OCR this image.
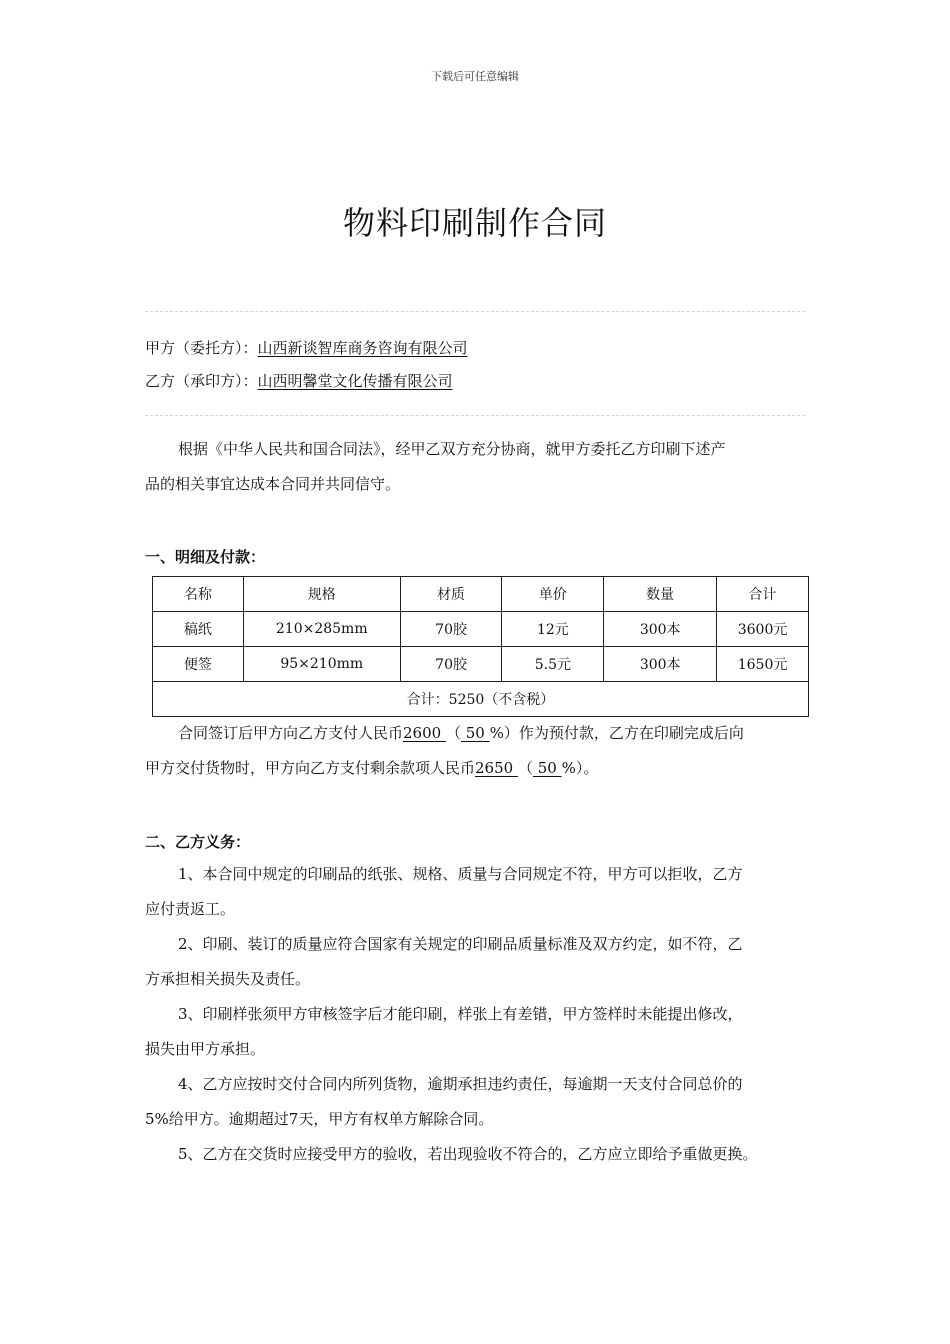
下载后可任意编辑
物料印刷制作合同
甲方（委托方）：山西新谈智库商务咨询有限公司
乙方（承印方）：山西明馨堂文化传播有限公司
根据《中华人民共和国合同法》，经甲乙双方充分协商，就甲方委托乙方印刷下述产
品的相关事宜达成本合同并共同信守。
一、明细及付款：
名称	规格	材质	单价	数量	合计
稿纸	210×285mm	70胶	12元	300本	3600元
便签	95×210mm	70胶	5.5元	300本	1650元
合计：5250（不含税）					
合同签订后甲方向乙方支付人民币2600 （ 50 %）作为预付款，乙方在印刷完成后向
甲方交付货物时，甲方向乙方支付剩余款项人民币2650 （ 50 %）。
二、乙方义务：
1、本合同中规定的印刷品的纸张、规格、质量与合同规定不符，甲方可以拒收，乙方
应付责返工。
2、印刷、装订的质量应符合国家有关规定的印刷品质量标准及双方约定，如不符，乙
方承担相关损失及责任。
3、印刷样张须甲方审核签字后才能印刷，样张上有差错，甲方签样时未能提出修改，
损失由甲方承担。
4、乙方应按时交付合同内所列货物，逾期承担违约责任，每逾期一天支付合同总价的
5%给甲方。逾期超过7天，甲方有权单方解除合同。
5、乙方在交货时应接受甲方的验收，若出现验收不符合的，乙方应立即给予重做更换。
